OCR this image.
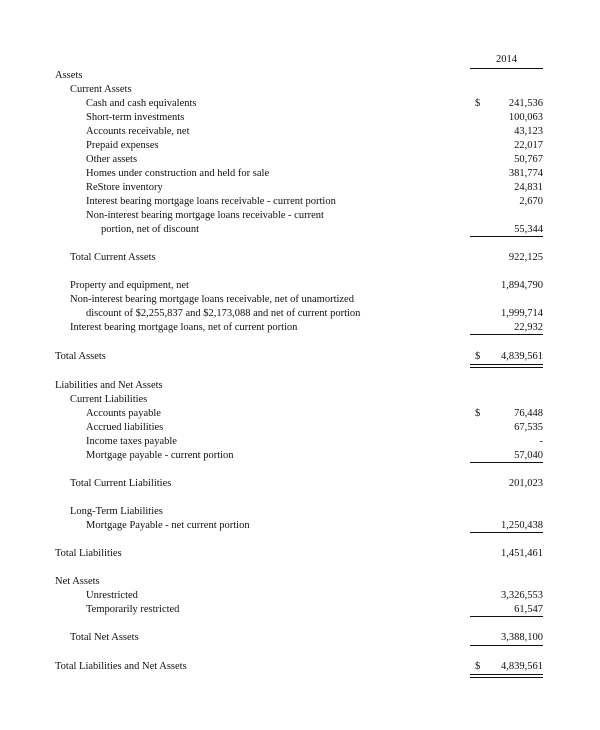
2014
Assets
Current Assets
Cash and cash equivalents	$	241,536
Short-term investments	100,063
Accounts receivable, net	43,123
Prepaid expenses	22,017
Other assets	50,767
Homes under construction and held for sale	381,774
ReStore inventory	24,831
Interest bearing mortgage loans receivable - current portion	2,670
Non-interest bearing mortgage loans receivable - current
portion, net of discount	55,344
Total Current Assets	922,125
Property and equipment, net	1,894,790
Non-interest bearing mortgage loans receivable, net of unamortized
discount of $2,255,837 and $2,173,088 and net of current portion	1,999,714
Interest bearing mortgage loans, net of current portion	22,932
Total Assets	$ 4,839,561
Liabilities and Net Assets
Current Liabilities
Accounts payable	$	76,448
Accrued liabilities	67,535
Income taxes payable	-
Mortgage payable - current portion	57,040
Total Current Liabilities	201,023
Long-Term Liabilities
Mortgage Payable - net current portion	1,250,438
Total Liabilities	1,451,461
Net Assets
Unrestricted	3,326,553
Temporarily restricted	61,547
Total Net Assets	3,388,100
Total Liabilities and Net Assets	$ 4,839,561
